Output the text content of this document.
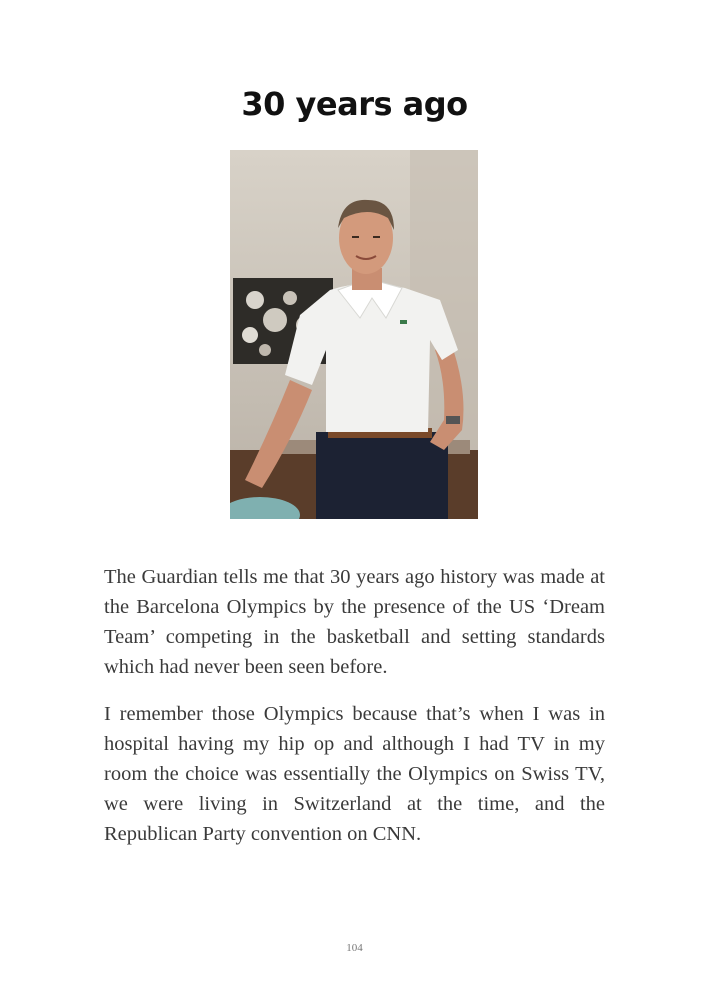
30 years ago

The Guardian tells me that 30 years ago history was made at the Barcelona Olympics by the presence of the US ‘Dream Team’ competing in the basketball and setting standards which had never been seen before.

I remember those Olympics because that’s when I was in hospital having my hip op and although I had TV in my room the choice was essentially the Olympics on Swiss TV, we were living in Switzerland at the time, and the Republican Party convention on CNN.

104
